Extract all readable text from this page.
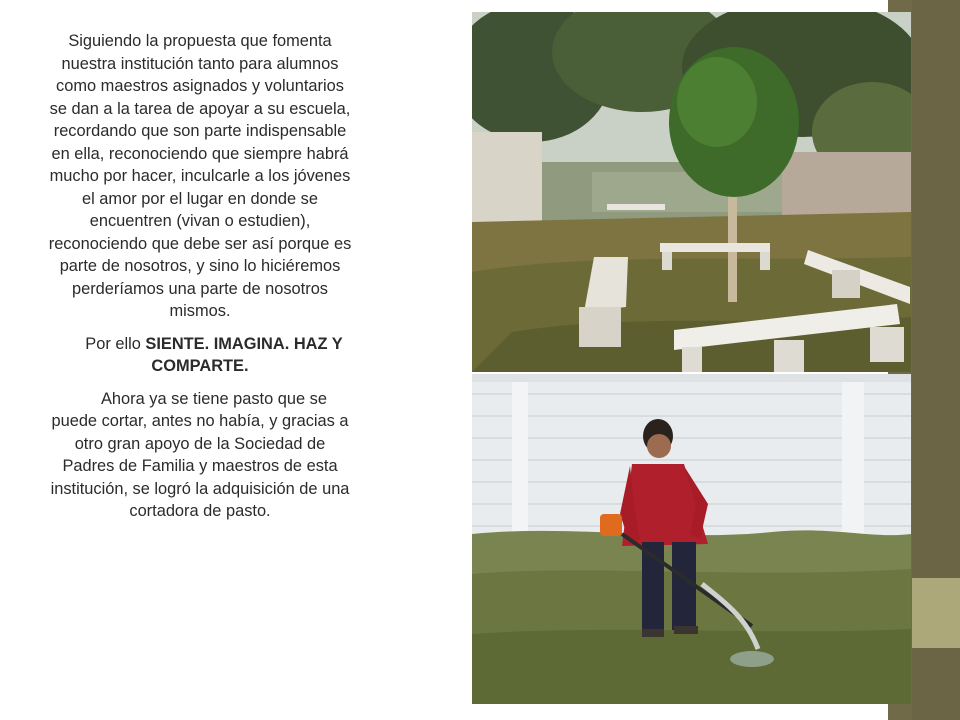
Siguiendo la propuesta que fomenta nuestra institución tanto para alumnos como maestros asignados y voluntarios se dan a la tarea de apoyar a su escuela, recordando que son parte indispensable en ella, reconociendo que siempre habrá mucho por hacer, inculcarle a los jóvenes el amor por el lugar en donde se encuentren (vivan o estudien), reconociendo que debe ser así porque es parte de nosotros, y sino lo hiciéremos perderíamos una parte de nosotros mismos.

Por ello SIENTE. IMAGINA. HAZ Y COMPARTE.

Ahora ya se tiene pasto que se puede cortar, antes no había, y gracias a otro gran apoyo de la Sociedad de Padres de Familia y maestros de esta institución, se logró la adquisición de una cortadora de pasto.
